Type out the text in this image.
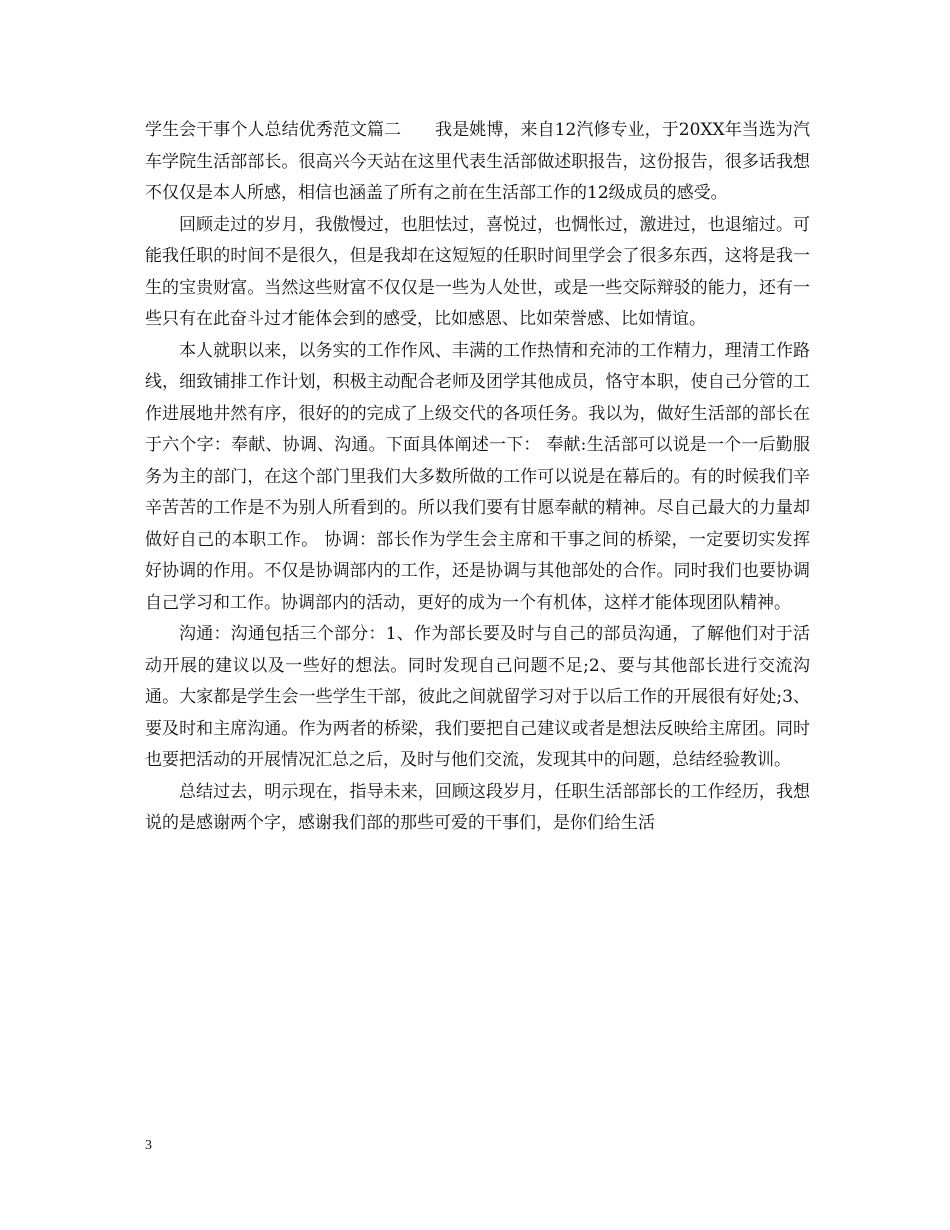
学生会干事个人总结优秀范文篇二 我是姚博，来自12汽修专业，于20XX年当选为汽车学院生活部部长。很高兴今天站在这里代表生活部做述职报告，这份报告，很多话我想不仅仅是本人所感，相信也涵盖了所有之前在生活部工作的12级成员的感受。

回顾走过的岁月，我傲慢过，也胆怯过，喜悦过，也惆怅过，激进过，也退缩过。可能我任职的时间不是很久，但是我却在这短短的任职时间里学会了很多东西，这将是我一生的宝贵财富。当然这些财富不仅仅是一些为人处世，或是一些交际辩驳的能力，还有一些只有在此奋斗过才能体会到的感受，比如感恩、比如荣誉感、比如情谊。

本人就职以来，以务实的工作作风、丰满的工作热情和充沛的工作精力，理清工作路线，细致铺排工作计划，积极主动配合老师及团学其他成员，恪守本职，使自己分管的工作进展地井然有序，很好的的完成了上级交代的各项任务。我以为，做好生活部的部长在于六个字：奉献、协调、沟通。下面具体阐述一下： 奉献:生活部可以说是一个一后勤服务为主的部门，在这个部门里我们大多数所做的工作可以说是在幕后的。有的时候我们辛辛苦苦的工作是不为别人所看到的。所以我们要有甘愿奉献的精神。尽自己最大的力量却做好自己的本职工作。 协调：部长作为学生会主席和干事之间的桥梁，一定要切实发挥好协调的作用。不仅是协调部内的工作，还是协调与其他部处的合作。同时我们也要协调自己学习和工作。协调部内的活动，更好的成为一个有机体，这样才能体现团队精神。

沟通：沟通包括三个部分：1、作为部长要及时与自己的部员沟通，了解他们对于活动开展的建议以及一些好的想法。同时发现自己问题不足;2、要与其他部长进行交流沟通。大家都是学生会一些学生干部，彼此之间就留学习对于以后工作的开展很有好处;3、要及时和主席沟通。作为两者的桥梁，我们要把自己建议或者是想法反映给主席团。同时也要把活动的开展情况汇总之后，及时与他们交流，发现其中的问题，总结经验教训。

总结过去，明示现在，指导未来，回顾这段岁月，任职生活部部长的工作经历，我想说的是感谢两个字，感谢我们部的那些可爱的干事们，是你们给生活

3
